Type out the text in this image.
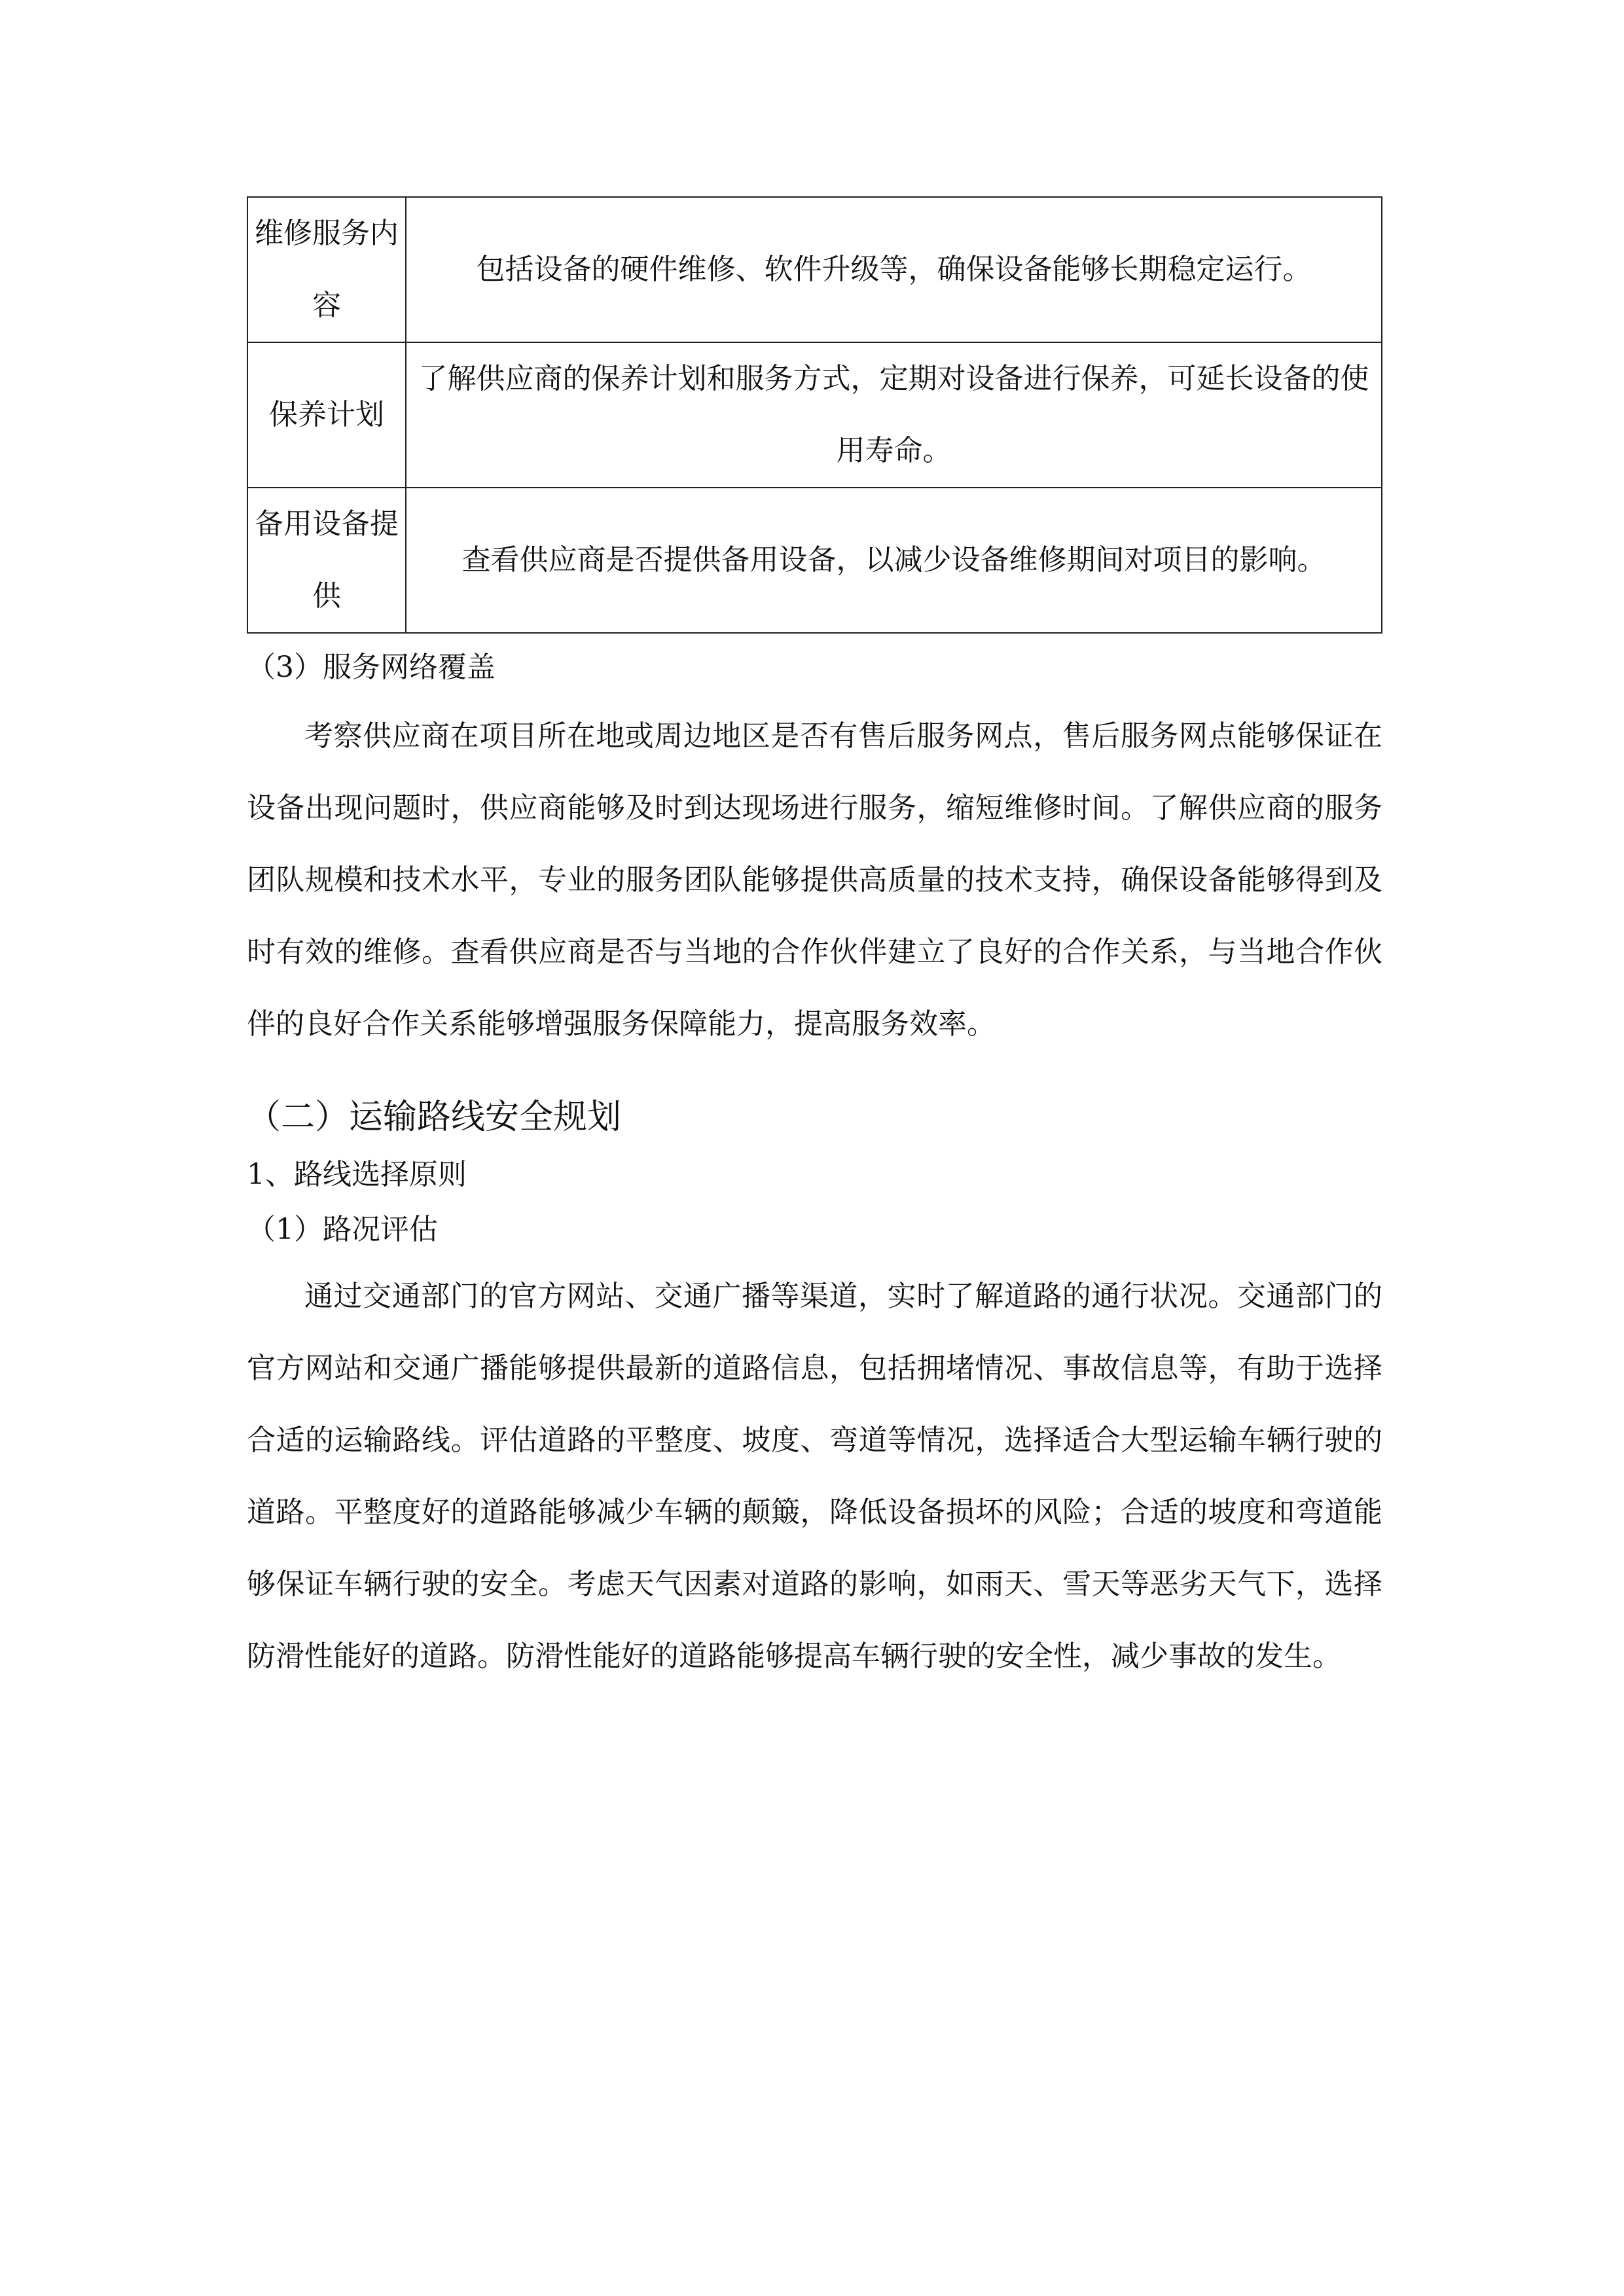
维修服务内容	包括设备的硬件维修、软件升级等，确保设备能够长期稳定运行。
保养计划	了解供应商的保养计划和服务方式，定期对设备进行保养，可延长设备的使用寿命。
备用设备提供	查看供应商是否提供备用设备，以减少设备维修期间对项目的影响。
（3）服务网络覆盖

考察供应商在项目所在地或周边地区是否有售后服务网点，售后服务网点能够保证在设备出现问题时，供应商能够及时到达现场进行服务，缩短维修时间。了解供应商的服务团队规模和技术水平，专业的服务团队能够提供高质量的技术支持，确保设备能够得到及时有效的维修。查看供应商是否与当地的合作伙伴建立了良好的合作关系，与当地合作伙伴的良好合作关系能够增强服务保障能力，提高服务效率。

（二）运输路线安全规划
1、路线选择原则
（1）路况评估

通过交通部门的官方网站、交通广播等渠道，实时了解道路的通行状况。交通部门的官方网站和交通广播能够提供最新的道路信息，包括拥堵情况、事故信息等，有助于选择合适的运输路线。评估道路的平整度、坡度、弯道等情况，选择适合大型运输车辆行驶的道路。平整度好的道路能够减少车辆的颠簸，降低设备损坏的风险；合适的坡度和弯道能够保证车辆行驶的安全。考虑天气因素对道路的影响，如雨天、雪天等恶劣天气下，选择防滑性能好的道路。防滑性能好的道路能够提高车辆行驶的安全性，减少事故的发生。
